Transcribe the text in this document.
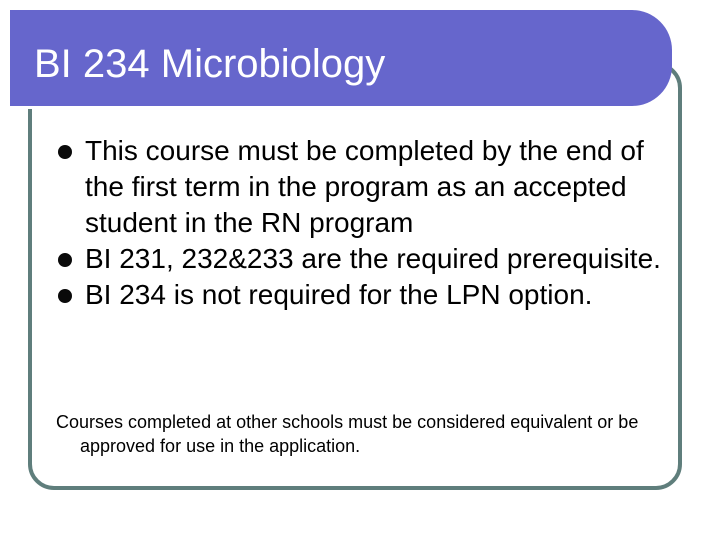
BI 234 Microbiology
This course must be completed by the end of the first term in the program as an accepted student in the RN program
BI 231, 232&233 are the required prerequisite.
BI 234 is not required for the LPN option.
Courses completed at other schools must be considered equivalent or be approved for use in the application.
